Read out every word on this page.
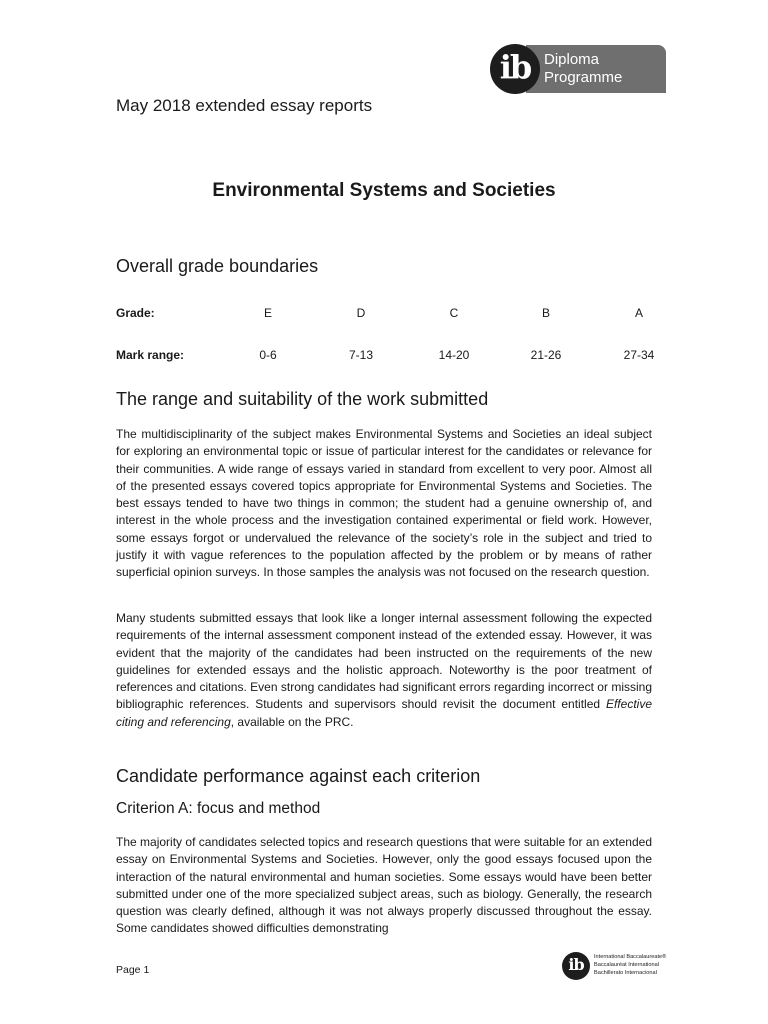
Diploma
Programme
ib
May 2018 extended essay reports
Environmental Systems and Societies
Overall grade boundaries
Grade:	E	D	C	B	A
Mark range:	0-6	7-13	14-20	21-26	27-34
The range and suitability of the work submitted

The multidisciplinarity of the subject makes Environmental Systems and Societies an ideal subject for exploring an environmental topic or issue of particular interest for the candidates or relevance for their communities. A wide range of essays varied in standard from excellent to very poor. Almost all of the presented essays covered topics appropriate for Environmental Systems and Societies. The best essays tended to have two things in common; the student had a genuine ownership of, and interest in the whole process and the investigation contained experimental or field work. However, some essays forgot or undervalued the relevance of the society’s role in the subject and tried to justify it with vague references to the population affected by the problem or by means of rather superficial opinion surveys. In those samples the analysis was not focused on the research question.

Many students submitted essays that look like a longer internal assessment following the expected requirements of the internal assessment component instead of the extended essay. However, it was evident that the majority of the candidates had been instructed on the requirements of the new guidelines for extended essays and the holistic approach. Noteworthy is the poor treatment of references and citations. Even strong candidates had significant errors regarding incorrect or missing bibliographic references. Students and supervisors should revisit the document entitled Effective citing and referencing, available on the PRC.

Candidate performance against each criterion
Criterion A: focus and method

The majority of candidates selected topics and research questions that were suitable for an extended essay on Environmental Systems and Societies. However, only the good essays focused upon the interaction of the natural environmental and human societies. Some essays would have been better submitted under one of the more specialized subject areas, such as biology. Generally, the research question was clearly defined, although it was not always properly discussed throughout the essay. Some candidates showed difficulties demonstrating

Page 1	ib	International Baccalaureate®
Baccalauréat International
Bachillerato Internacional
